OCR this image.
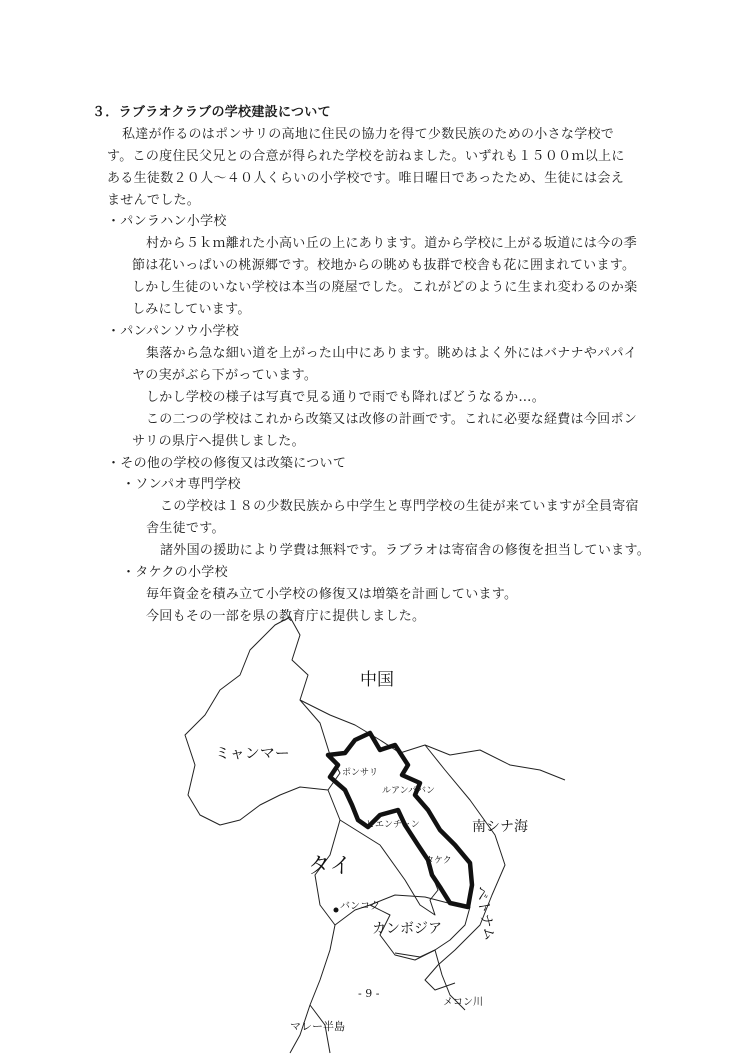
３．ラブラオクラブの学校建設について
私達が作るのはポンサリの高地に住民の協力を得て少数民族のための小さな学校で
す。この度住民父兄との合意が得られた学校を訪ねました。いずれも１５００ｍ以上に
ある生徒数２０人～４０人くらいの小学校です。唯日曜日であったため、生徒には会え
ませんでした。
・パンラハン小学校
村から５ｋｍ離れた小高い丘の上にあります。道から学校に上がる坂道には今の季
節は花いっぱいの桃源郷です。校地からの眺めも抜群で校舎も花に囲まれています。
しかし生徒のいない学校は本当の廃屋でした。これがどのように生まれ変わるのか楽
しみにしています。
・パンパンソウ小学校
集落から急な細い道を上がった山中にあります。眺めはよく外にはバナナやパパイ
ヤの実がぶら下がっています。
しかし学校の様子は写真で見る通りで雨でも降ればどうなるか…。
この二つの学校はこれから改築又は改修の計画です。これに必要な経費は今回ポン
サリの県庁へ提供しました。
・その他の学校の修復又は改築について
・ソンパオ専門学校
この学校は１８の少数民族から中学生と専門学校の生徒が来ていますが全員寄宿
舎生徒です。
諸外国の援助により学費は無料です。ラブラオは寄宿舎の修復を担当しています。
・タケクの小学校
毎年資金を積み立て小学校の修復又は増築を計画しています。
今回もその一部を県の教育庁に提供しました。
中国
ミャンマー
ポンサリ
ルアンパバン
ビエンチャン
タケク
南シナ海
タイ
バンコク
カンボジア ベトナム
メコン川
マレー半島
- 9 -
